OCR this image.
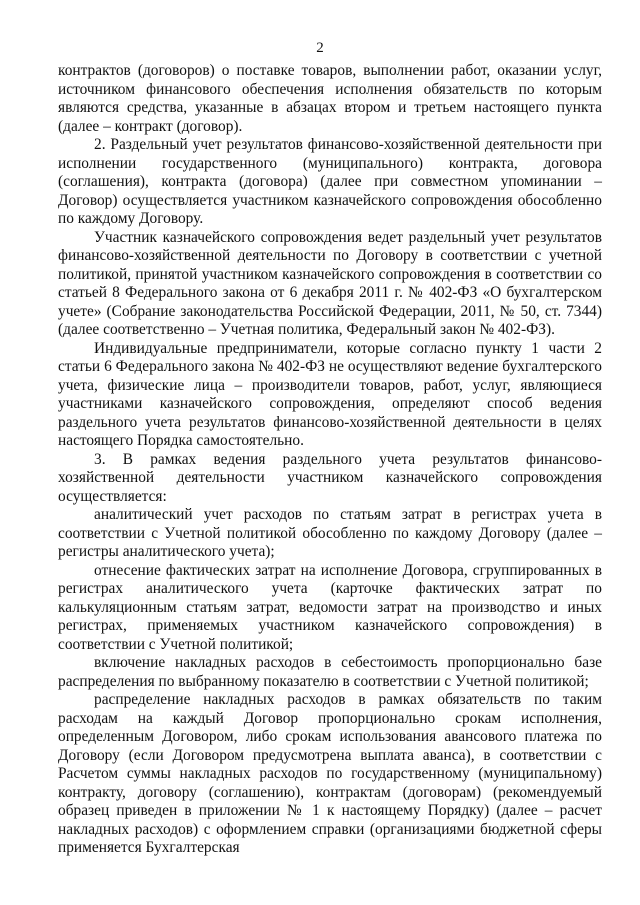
2

контрактов (договоров) о поставке товаров, выполнении работ, оказании услуг, источником финансового обеспечения исполнения обязательств по которым являются средства, указанные в абзацах втором и третьем настоящего пункта (далее – контракт (договор).

2. Раздельный учет результатов финансово-хозяйственной деятельности при исполнении государственного (муниципального) контракта, договора (соглашения), контракта (договора) (далее при совместном упоминании – Договор) осуществляется участником казначейского сопровождения обособленно по каждому Договору.

Участник казначейского сопровождения ведет раздельный учет результатов финансово-хозяйственной деятельности по Договору в соответствии с учетной политикой, принятой участником казначейского сопровождения в соответствии со статьей 8 Федерального закона от 6 декабря 2011 г. № 402-ФЗ «О бухгалтерском учете» (Собрание законодательства Российской Федерации, 2011, № 50, ст. 7344) (далее соответственно – Учетная политика, Федеральный закон № 402-ФЗ).

Индивидуальные предприниматели, которые согласно пункту 1 части 2 статьи 6 Федерального закона № 402-ФЗ не осуществляют ведение бухгалтерского учета, физические лица – производители товаров, работ, услуг, являющиеся участниками казначейского сопровождения, определяют способ ведения раздельного учета результатов финансово-хозяйственной деятельности в целях настоящего Порядка самостоятельно.

3. В рамках ведения раздельного учета результатов финансово-хозяйственной деятельности участником казначейского сопровождения осуществляется:

аналитический учет расходов по статьям затрат в регистрах учета в соответствии с Учетной политикой обособленно по каждому Договору (далее – регистры аналитического учета);

отнесение фактических затрат на исполнение Договора, сгруппированных в регистрах аналитического учета (карточке фактических затрат по калькуляционным статьям затрат, ведомости затрат на производство и иных регистрах, применяемых участником казначейского сопровождения) в соответствии с Учетной политикой;

включение накладных расходов в себестоимость пропорционально базе распределения по выбранному показателю в соответствии с Учетной политикой;

распределение накладных расходов в рамках обязательств по таким расходам на каждый Договор пропорционально срокам исполнения, определенным Договором, либо срокам использования авансового платежа по Договору (если Договором предусмотрена выплата аванса), в соответствии с Расчетом суммы накладных расходов по государственному (муниципальному) контракту, договору (соглашению), контрактам (договорам) (рекомендуемый образец приведен в приложении № 1 к настоящему Порядку) (далее – расчет накладных расходов) с оформлением справки (организациями бюджетной сферы применяется Бухгалтерская
